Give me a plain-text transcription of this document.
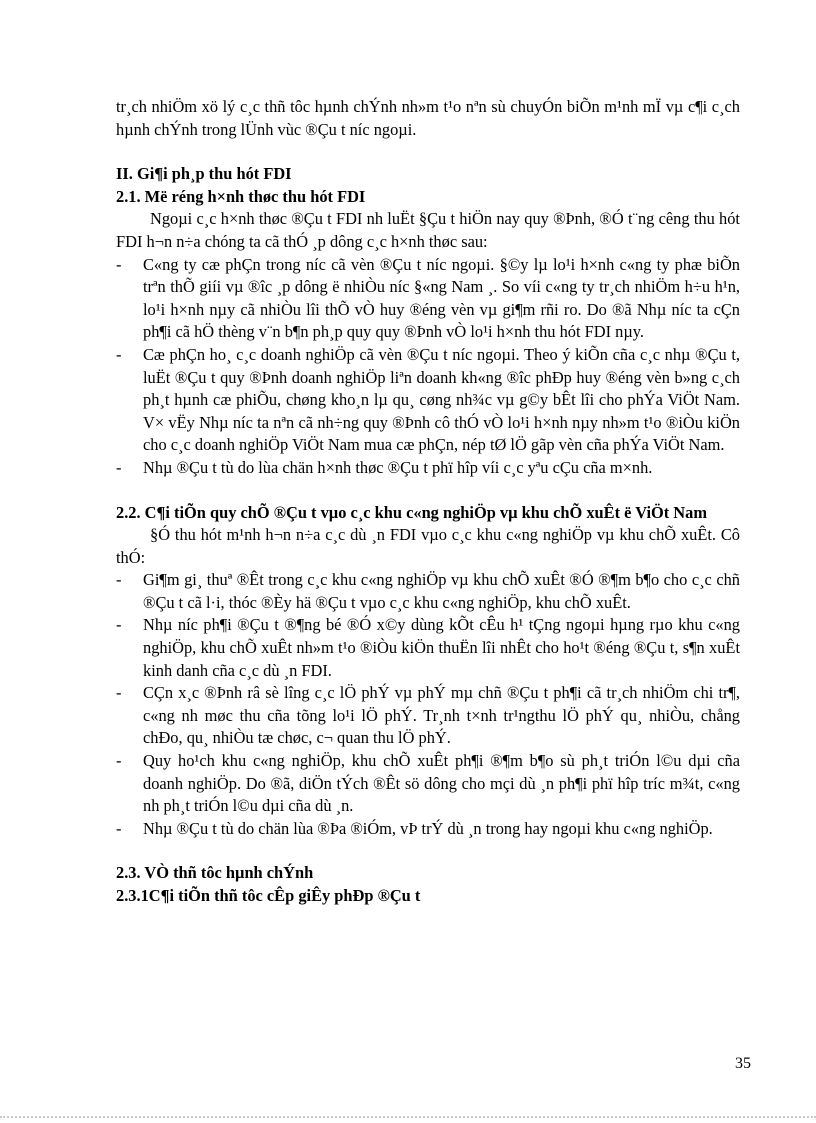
tr¸ch nhiÖm xö lý c¸c thñ tôc hµnh chÝnh nh»m t¹o nªn sù chuyÓn biÕn m¹nh mÏ vµ c¶i c¸ch hµnh chÝnh trong lÜnh vùc ®Çu t níc ngoµi.

II. Gi¶i ph¸p thu hót FDI

2.1. Më réng h×nh thøc thu hót FDI

Ngoµi c¸c h×nh thøc ®Çu t FDI nh luËt §Çu t hiÖn nay quy ®Þnh, ®Ó t¨ng cêng thu hót FDI h¬n n÷a chóng ta cã thÓ ¸p dông c¸c h×nh thøc sau:

- C«ng ty cæ phÇn trong níc cã vèn ®Çu t níc ngoµi. §©y lµ lo¹i h×nh c«ng ty phæ biÕn trªn thÕ giíi vµ ®îc ¸p dông ë nhiÒu níc §«ng Nam ¸. So víi c«ng ty tr¸ch nhiÖm h÷u h¹n, lo¹i h×nh nµy cã nhiÒu lîi thÕ vÒ huy ®éng vèn vµ gi¶m rñi ro. Do ®ã Nhµ níc ta cÇn ph¶i cã hÖ thèng v¨n b¶n ph¸p quy quy ®Þnh vÒ lo¹i h×nh thu hót FDI nµy.
- Cæ phÇn ho¸ c¸c doanh nghiÖp cã vèn ®Çu t níc ngoµi. Theo ý kiÕn cña c¸c nhµ ®Çu t, luËt ®Çu t quy ®Þnh doanh nghiÖp liªn doanh kh«ng ®îc phÐp huy ®éng vèn b»ng c¸ch ph¸t hµnh cæ phiÕu, chøng kho¸n lµ qu¸ cøng nh¾c vµ g©y bÊt lîi cho phÝa ViÖt Nam. V× vËy Nhµ níc ta nªn cã nh÷ng quy ®Þnh cô thÓ vÒ lo¹i h×nh nµy nh»m t¹o ®iÒu kiÖn cho c¸c doanh nghiÖp ViÖt Nam mua cæ phÇn, nép tØ lÖ gãp vèn cña phÝa ViÖt Nam.
- Nhµ ®Çu t tù do lùa chän h×nh thøc ®Çu t phï hîp víi c¸c yªu cÇu cña m×nh.

2.2. C¶i tiÕn quy chÕ ®Çu t vµo c¸c khu c«ng nghiÖp vµ khu chÕ xuÊt ë ViÖt Nam

§Ó thu hót m¹nh h¬n n÷a c¸c dù ¸n FDI vµo c¸c khu c«ng nghiÖp vµ khu chÕ xuÊt. Cô thÓ:

- Gi¶m gi¸ thuª ®Êt trong c¸c khu c«ng nghiÖp vµ khu chÕ xuÊt ®Ó ®¶m b¶o cho c¸c chñ ®Çu t cã l·i, thóc ®Èy hä ®Çu t vµo c¸c khu c«ng nghiÖp, khu chÕ xuÊt.
- Nhµ níc ph¶i ®Çu t ®¶ng bé ®Ó x©y dùng kÕt cÊu h¹ tÇng ngoµi hµng rµo khu c«ng nghiÖp, khu chÕ xuÊt nh»m t¹o ®iÒu kiÖn thuËn lîi nhÊt cho ho¹t ®éng ®Çu t, s¶n xuÊt kinh danh cña c¸c dù ¸n FDI.
- CÇn x¸c ®Þnh râ sè lîng c¸c lÖ phÝ vµ phÝ mµ chñ ®Çu t ph¶i cã tr¸ch nhiÖm chi tr¶, c«ng nh møc thu cña tõng lo¹i lÖ phÝ. Tr¸nh t×nh tr¹ngthu lÖ phÝ qu¸ nhiÒu, chång chÐo, qu¸ nhiÒu tæ chøc, c¬ quan thu lÖ phÝ.
- Quy ho¹ch khu c«ng nghiÖp, khu chÕ xuÊt ph¶i ®¶m b¶o sù ph¸t triÓn l©u dµi cña doanh nghiÖp. Do ®ã, diÖn tÝch ®Êt sö dông cho mçi dù ¸n ph¶i phï hîp tríc m¾t, c«ng nh ph¸t triÓn l©u dµi cña dù ¸n.
- Nhµ ®Çu t tù do chän lùa ®Þa ®iÓm, vÞ trÝ dù ¸n trong hay ngoµi khu c«ng nghiÖp.

2.3. VÒ thñ tôc hµnh chÝnh

2.3.1C¶i tiÕn thñ tôc cÊp giÊy phÐp ®Çu t

35
